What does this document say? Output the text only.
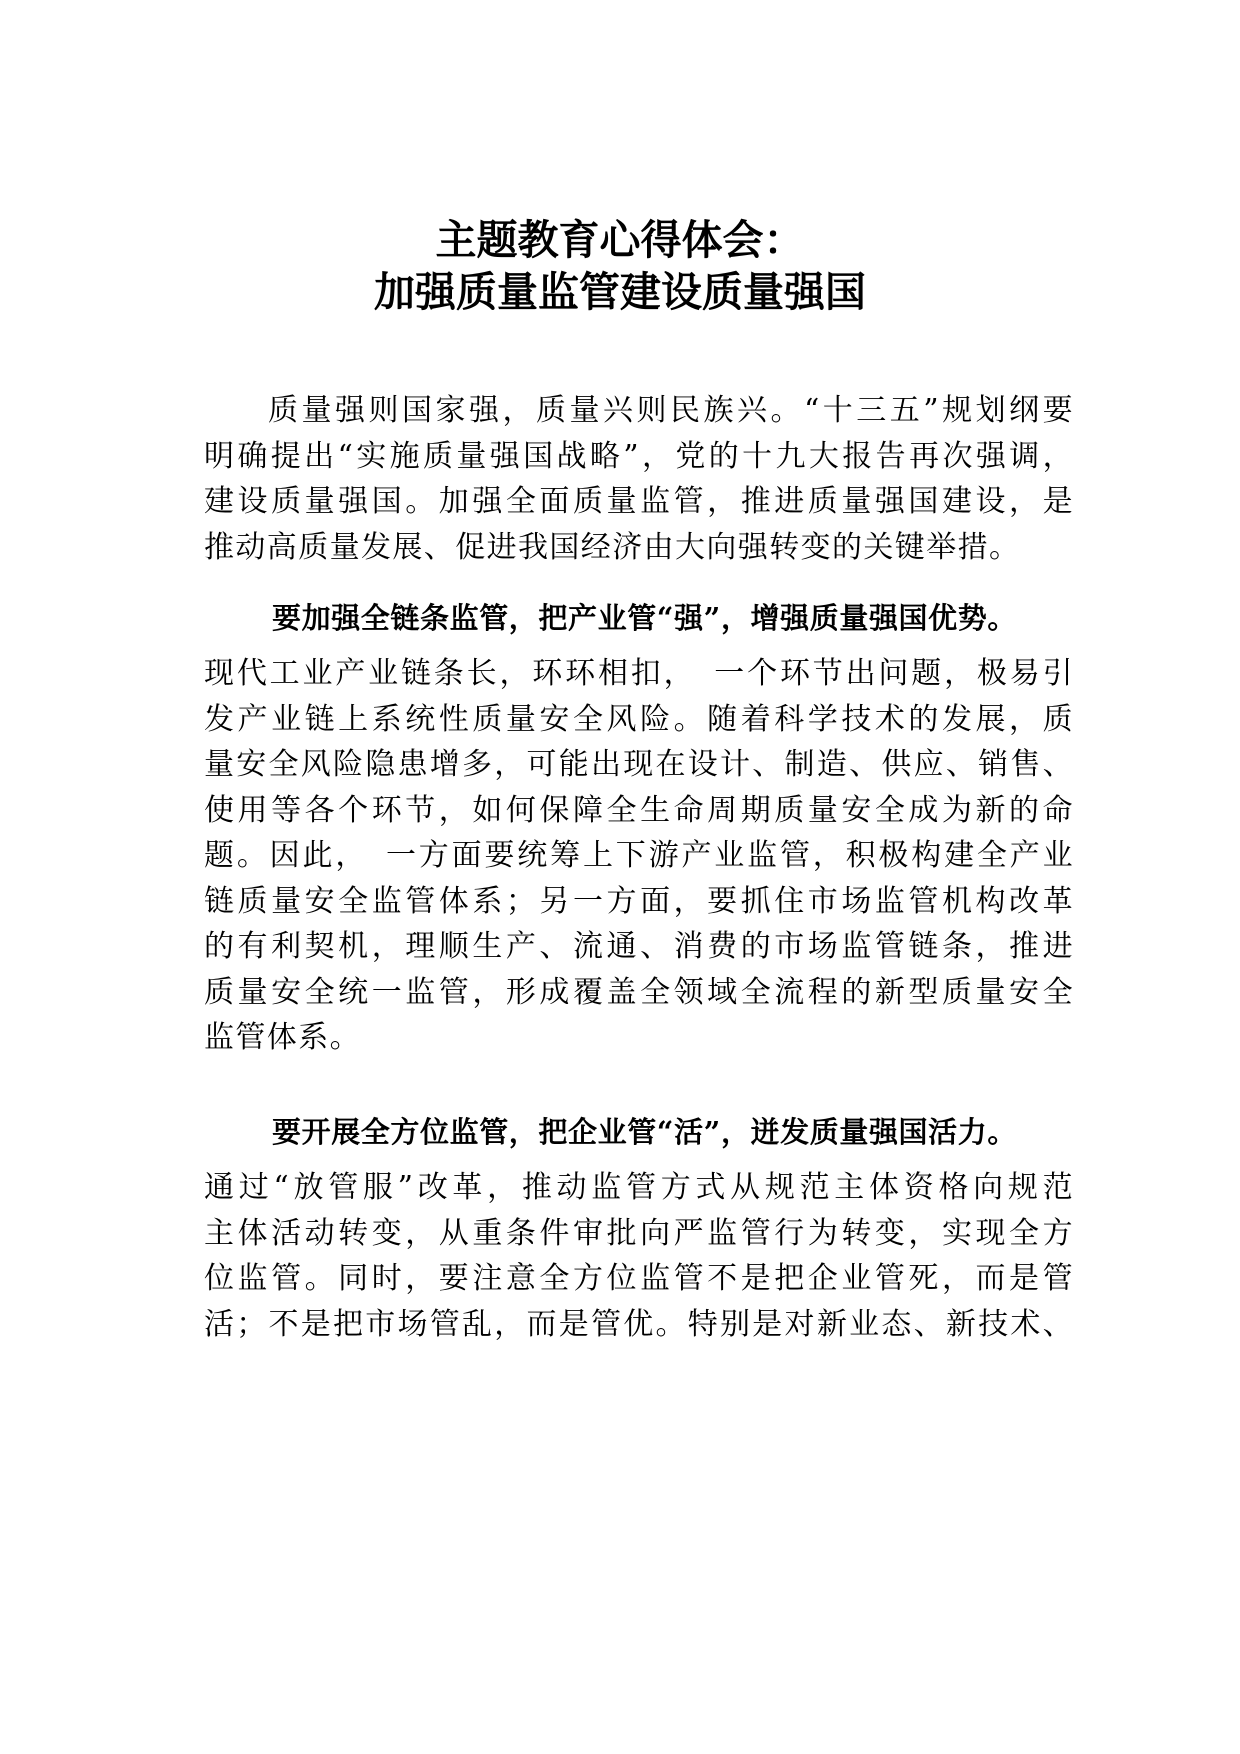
主题教育心得体会：
加强质量监管建设质量强国
质量强则国家强，质量兴则民族兴。“十三五”规划纲要
明确提出“实施质量强国战略”，党的十九大报告再次强调，
建设质量强国。加强全面质量监管，推进质量强国建设，是
推动高质量发展、促进我国经济由大向强转变的关键举措。
要加强全链条监管，把产业管“强”，增强质量强国优势。
现代工业产业链条长，环环相扣，　一个环节出问题，极易引
发产业链上系统性质量安全风险。随着科学技术的发展，质
量安全风险隐患增多，可能出现在设计、制造、供应、销售、
使用等各个环节，如何保障全生命周期质量安全成为新的命
题。因此，　一方面要统筹上下游产业监管，积极构建全产业
链质量安全监管体系；另一方面，要抓住市场监管机构改革
的有利契机，理顺生产、流通、消费的市场监管链条，推进
质量安全统一监管，形成覆盖全领域全流程的新型质量安全
监管体系。
要开展全方位监管，把企业管“活”，迸发质量强国活力。
通过“放管服”改革，推动监管方式从规范主体资格向规范
主体活动转变，从重条件审批向严监管行为转变，实现全方
位监管。同时，要注意全方位监管不是把企业管死，而是管
活；不是把市场管乱，而是管优。特别是对新业态、新技术、
